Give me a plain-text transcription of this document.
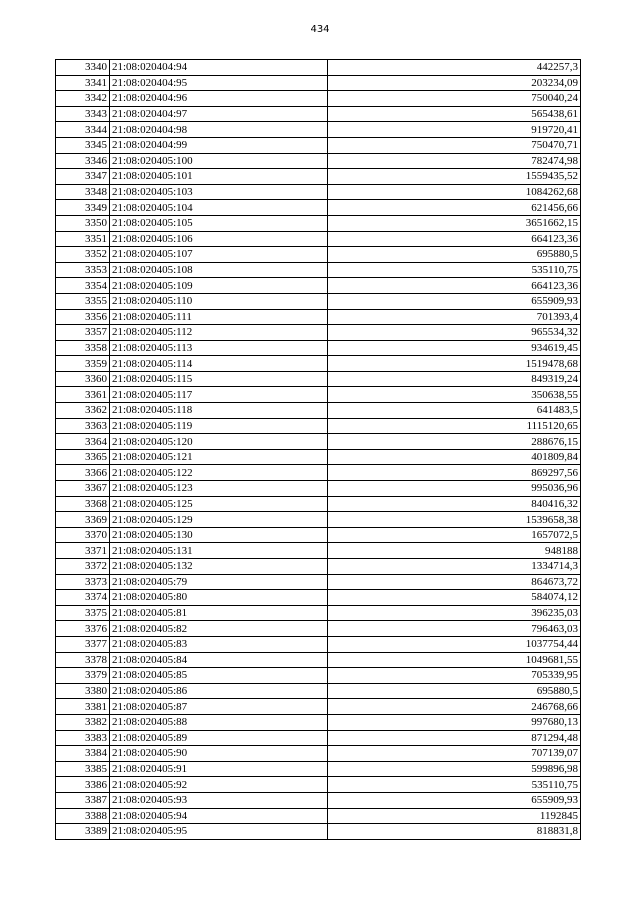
434
3340	21:08:020404:94	442257,3
3341	21:08:020404:95	203234,09
3342	21:08:020404:96	750040,24
3343	21:08:020404:97	565438,61
3344	21:08:020404:98	919720,41
3345	21:08:020404:99	750470,71
3346	21:08:020405:100	782474,98
3347	21:08:020405:101	1559435,52
3348	21:08:020405:103	1084262,68
3349	21:08:020405:104	621456,66
3350	21:08:020405:105	3651662,15
3351	21:08:020405:106	664123,36
3352	21:08:020405:107	695880,5
3353	21:08:020405:108	535110,75
3354	21:08:020405:109	664123,36
3355	21:08:020405:110	655909,93
3356	21:08:020405:111	701393,4
3357	21:08:020405:112	965534,32
3358	21:08:020405:113	934619,45
3359	21:08:020405:114	1519478,68
3360	21:08:020405:115	849319,24
3361	21:08:020405:117	350638,55
3362	21:08:020405:118	641483,5
3363	21:08:020405:119	1115120,65
3364	21:08:020405:120	288676,15
3365	21:08:020405:121	401809,84
3366	21:08:020405:122	869297,56
3367	21:08:020405:123	995036,96
3368	21:08:020405:125	840416,32
3369	21:08:020405:129	1539658,38
3370	21:08:020405:130	1657072,5
3371	21:08:020405:131	948188
3372	21:08:020405:132	1334714,3
3373	21:08:020405:79	864673,72
3374	21:08:020405:80	584074,12
3375	21:08:020405:81	396235,03
3376	21:08:020405:82	796463,03
3377	21:08:020405:83	1037754,44
3378	21:08:020405:84	1049681,55
3379	21:08:020405:85	705339,95
3380	21:08:020405:86	695880,5
3381	21:08:020405:87	246768,66
3382	21:08:020405:88	997680,13
3383	21:08:020405:89	871294,48
3384	21:08:020405:90	707139,07
3385	21:08:020405:91	599896,98
3386	21:08:020405:92	535110,75
3387	21:08:020405:93	655909,93
3388	21:08:020405:94	1192845
3389	21:08:020405:95	818831,8
